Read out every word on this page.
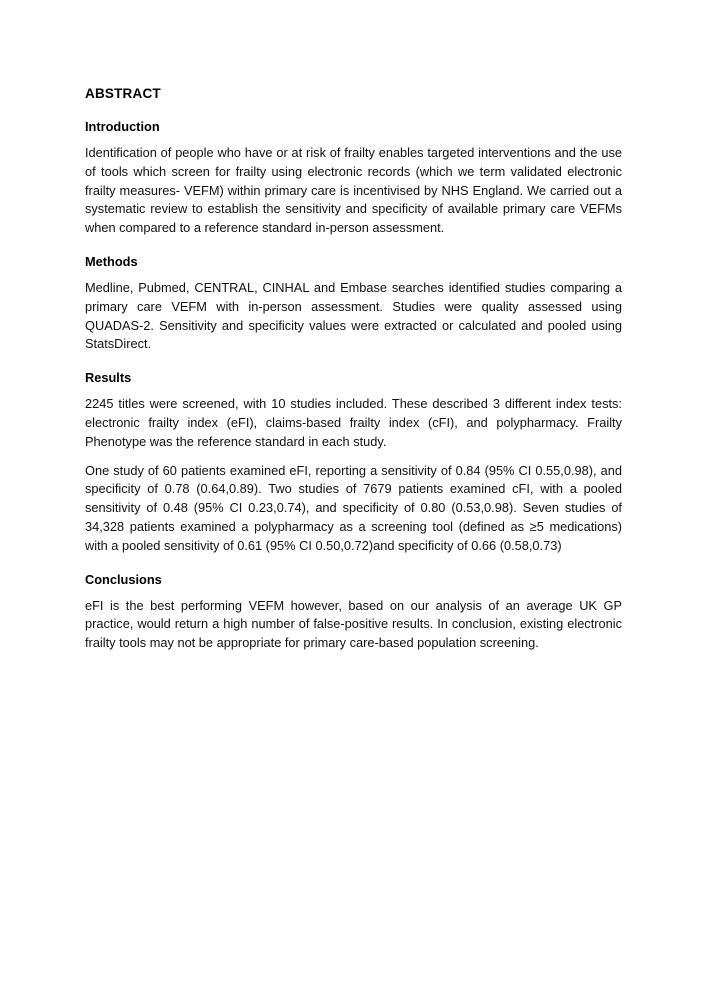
ABSTRACT
Introduction

Identification of people who have or at risk of frailty enables targeted interventions and the use of tools which screen for frailty using electronic records (which we term validated electronic frailty measures- VEFM) within primary care is incentivised by NHS England. We carried out a systematic review to establish the sensitivity and specificity of available primary care VEFMs when compared to a reference standard in-person assessment.

Methods

Medline, Pubmed, CENTRAL, CINHAL and Embase searches identified studies comparing a primary care VEFM with in-person assessment. Studies were quality assessed using QUADAS-2. Sensitivity and specificity values were extracted or calculated and pooled using StatsDirect.

Results

2245 titles were screened, with 10 studies included. These described 3 different index tests: electronic frailty index (eFI), claims-based frailty index (cFI), and polypharmacy. Frailty Phenotype was the reference standard in each study.

One study of 60 patients examined eFI, reporting a sensitivity of 0.84 (95% CI 0.55,0.98), and specificity of 0.78 (0.64,0.89). Two studies of 7679 patients examined cFI, with a pooled sensitivity of 0.48 (95% CI 0.23,0.74), and specificity of 0.80 (0.53,0.98). Seven studies of 34,328 patients examined a polypharmacy as a screening tool (defined as ≥5 medications) with a pooled sensitivity of 0.61 (95% CI 0.50,0.72)and specificity of 0.66 (0.58,0.73)

Conclusions

eFI is the best performing VEFM however, based on our analysis of an average UK GP practice, would return a high number of false-positive results. In conclusion, existing electronic frailty tools may not be appropriate for primary care-based population screening.
